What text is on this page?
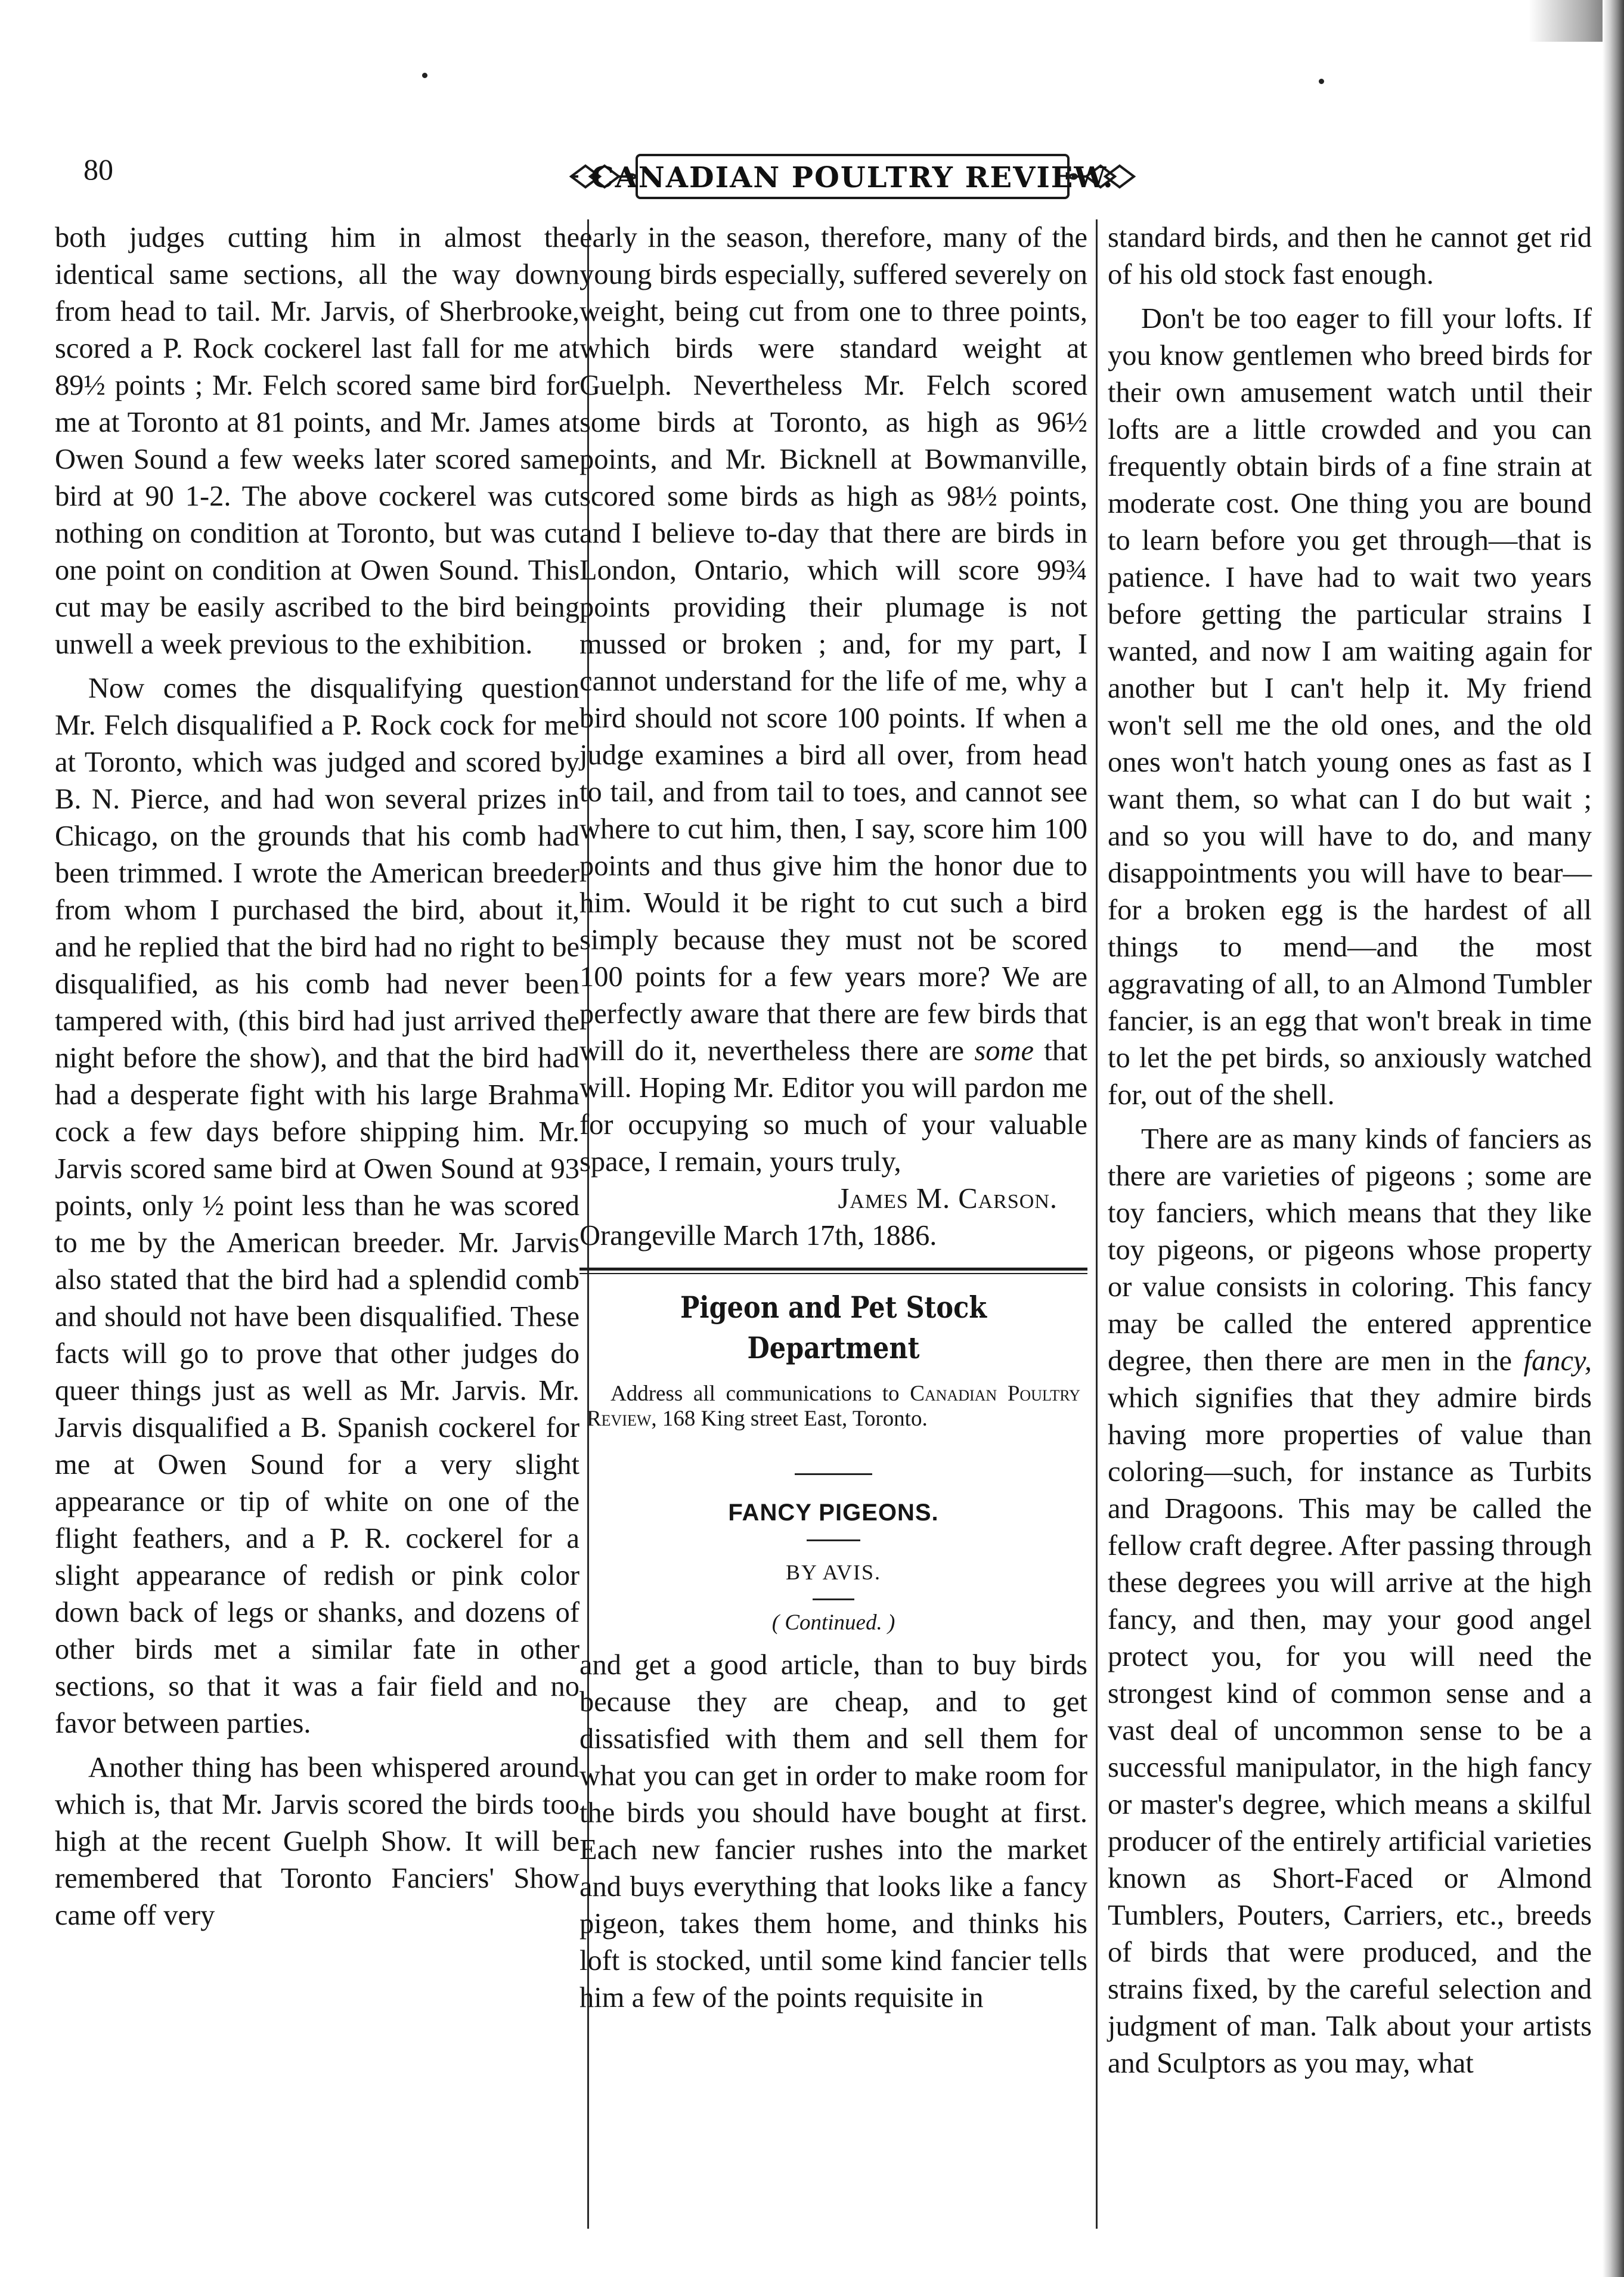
80	CANADIAN POULTRY REVIEW.

both judges cutting him in almost the identical same sections, all the way down from head to tail. Mr. Jarvis, of Sherbrooke, scored a P. Rock cockerel last fall for me at 89½ points ; Mr. Felch scored same bird for me at Toronto at 81 points, and Mr. James at Owen Sound a few weeks later scored same bird at 90 1-2. The above cockerel was cut nothing on condition at Toronto, but was cut one point on condition at Owen Sound. This cut may be easily ascribed to the bird being unwell a week previous to the exhibition.

Now comes the disqualifying question Mr. Felch disqualified a P. Rock cock for me at Toronto, which was judged and scored by B. N. Pierce, and had won several prizes in Chicago, on the grounds that his comb had been trimmed. I wrote the American breeder from whom I purchased the bird, about it, and he replied that the bird had no right to be disqualified, as his comb had never been tampered with, (this bird had just arrived the night before the show), and that the bird had had a desperate fight with his large Brahma cock a few days before shipping him. Mr. Jarvis scored same bird at Owen Sound at 93 points, only ½ point less than he was scored to me by the American breeder. Mr. Jarvis also stated that the bird had a splendid comb and should not have been disqualified. These facts will go to prove that other judges do queer things just as well as Mr. Jarvis. Mr. Jarvis disqualified a B. Spanish cockerel for me at Owen Sound for a very slight appearance or tip of white on one of the flight feathers, and a P. R. cockerel for a slight appearance of redish or pink color down back of legs or shanks, and dozens of other birds met a similar fate in other sections, so that it was a fair field and no favor between parties.

Another thing has been whispered around which is, that Mr. Jarvis scored the birds too high at the recent Guelph Show. It will be remembered that Toronto Fanciers' Show came off very

early in the season, therefore, many of the young birds especially, suffered severely on weight, being cut from one to three points, which birds were standard weight at Guelph. Nevertheless Mr. Felch scored some birds at Toronto, as high as 96½ points, and Mr. Bicknell at Bowmanville, scored some birds as high as 98½ points, and I believe to-day that there are birds in London, Ontario, which will score 99¾ points providing their plumage is not mussed or broken ; and, for my part, I cannot understand for the life of me, why a bird should not score 100 points. If when a judge examines a bird all over, from head to tail, and from tail to toes, and cannot see where to cut him, then, I say, score him 100 points and thus give him the honor due to him. Would it be right to cut such a bird simply because they must not be scored 100 points for a few years more? We are perfectly aware that there are few birds that will do it, nevertheless there are some that will. Hoping Mr. Editor you will pardon me for occupying so much of your valuable space, I remain, yours truly,

James M. Carson.

Orangeville March 17th, 1886.

Pigeon and Pet Stock Department
Address all communications to Canadian Poultry Review, 168 King street East, Toronto.
FANCY PIGEONS.
BY AVIS.
( Continued. )

and get a good article, than to buy birds because they are cheap, and to get dissatisfied with them and sell them for what you can get in order to make room for the birds you should have bought at first. Each new fancier rushes into the market and buys everything that looks like a fancy pigeon, takes them home, and thinks his loft is stocked, until some kind fancier tells him a few of the points requisite in

standard birds, and then he cannot get rid of his old stock fast enough.

Don't be too eager to fill your lofts. If you know gentlemen who breed birds for their own amusement watch until their lofts are a little crowded and you can frequently obtain birds of a fine strain at moderate cost. One thing you are bound to learn before you get through—that is patience. I have had to wait two years before getting the particular strains I wanted, and now I am waiting again for another but I can't help it. My friend won't sell me the old ones, and the old ones won't hatch young ones as fast as I want them, so what can I do but wait ; and so you will have to do, and many disappointments you will have to bear—for a broken egg is the hardest of all things to mend—and the most aggravating of all, to an Almond Tumbler fancier, is an egg that won't break in time to let the pet birds, so anxiously watched for, out of the shell.

There are as many kinds of fanciers as there are varieties of pigeons ; some are toy fanciers, which means that they like toy pigeons, or pigeons whose property or value consists in coloring. This fancy may be called the entered apprentice degree, then there are men in the fancy, which signifies that they admire birds having more properties of value than coloring—such, for instance as Turbits and Dragoons. This may be called the fellow craft degree. After passing through these degrees you will arrive at the high fancy, and then, may your good angel protect you, for you will need the strongest kind of common sense and a vast deal of uncommon sense to be a successful manipulator, in the high fancy or master's degree, which means a skilful producer of the entirely artificial varieties known as Short-Faced or Almond Tumblers, Pouters, Carriers, etc., breeds of birds that were produced, and the strains fixed, by the careful selection and judgment of man. Talk about your artists and Sculptors as you may, what
